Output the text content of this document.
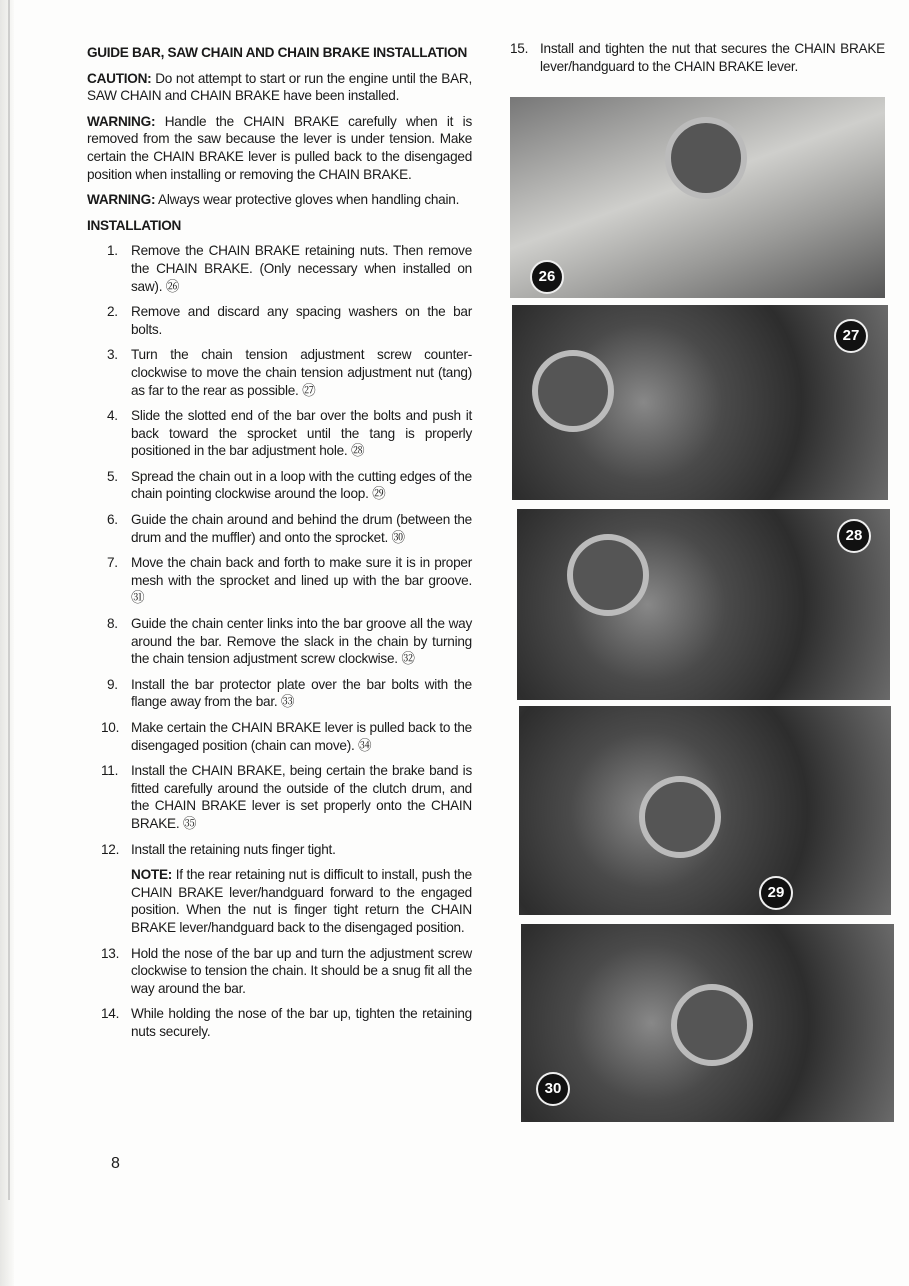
GUIDE BAR, SAW CHAIN AND CHAIN BRAKE INSTALLATION

CAUTION: Do not attempt to start or run the engine until the BAR, SAW CHAIN and CHAIN BRAKE have been installed.

WARNING: Handle the CHAIN BRAKE carefully when it is removed from the saw because the lever is under tension. Make certain the CHAIN BRAKE lever is pulled back to the disengaged position when installing or removing the CHAIN BRAKE.

WARNING: Always wear protective gloves when handling chain.

INSTALLATION
1. Remove the CHAIN BRAKE retaining nuts. Then remove the CHAIN BRAKE. (Only necessary when installed on saw). ㉖
2. Remove and discard any spacing washers on the bar bolts.
3. Turn the chain tension adjustment screw counter-clockwise to move the chain tension adjustment nut (tang) as far to the rear as possible. ㉗
4. Slide the slotted end of the bar over the bolts and push it back toward the sprocket until the tang is properly positioned in the bar adjustment hole. ㉘
5. Spread the chain out in a loop with the cutting edges of the chain pointing clockwise around the loop. ㉙
6. Guide the chain around and behind the drum (between the drum and the muffler) and onto the sprocket. ㉚
7. Move the chain back and forth to make sure it is in proper mesh with the sprocket and lined up with the bar groove. ㉛
8. Guide the chain center links into the bar groove all the way around the bar. Remove the slack in the chain by turning the chain tension adjustment screw clockwise. ㉜
9. Install the bar protector plate over the bar bolts with the flange away from the bar. ㉝
10. Make certain the CHAIN BRAKE lever is pulled back to the disengaged position (chain can move). ㉞
11. Install the CHAIN BRAKE, being certain the brake band is fitted carefully around the outside of the clutch drum, and the CHAIN BRAKE lever is set properly onto the CHAIN BRAKE. ㉟
12. Install the retaining nuts finger tight.

NOTE: If the rear retaining nut is difficult to install, push the CHAIN BRAKE lever/handguard forward to the engaged position. When the nut is finger tight return the CHAIN BRAKE lever/handguard back to the disengaged position.

13. Hold the nose of the bar up and turn the adjustment screw clockwise to tension the chain. It should be a snug fit all the way around the bar.
14. While holding the nose of the bar up, tighten the retaining nuts securely.
8
15. Install and tighten the nut that secures the CHAIN BRAKE lever/handguard to the CHAIN BRAKE lever.
26
27
28
29
30
